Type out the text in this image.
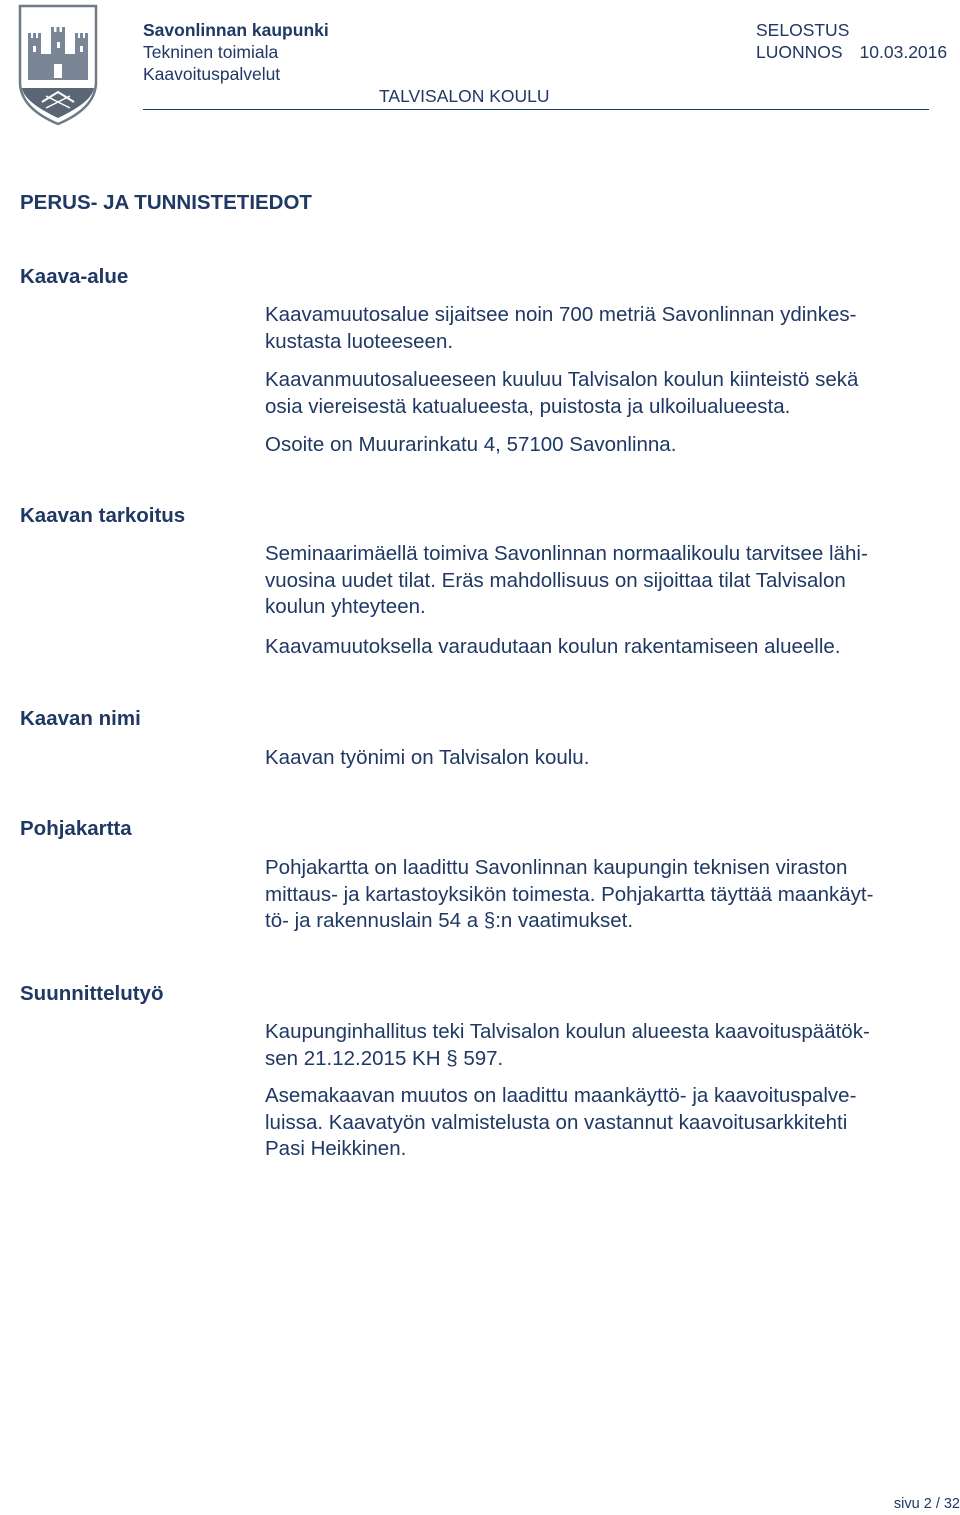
Savonlinnan kaupunki
Tekninen toimiala
Kaavoituspalvelut
SELOSTUS
LUONNOS 10.03.2016
TALVISALON KOULU
PERUS- JA TUNNISTETIEDOT
Kaava-alue

Kaavamuutosalue sijaitsee noin 700 metriä Savonlinnan ydinkes-

kustasta luoteeseen.

Kaavanmuutosalueeseen kuuluu Talvisalon koulun kiinteistö sekä

osia viereisestä katualueesta, puistosta ja ulkoilualueesta.

Osoite on Muurarinkatu 4, 57100 Savonlinna.

Kaavan tarkoitus

Seminaarimäellä toimiva Savonlinnan normaalikoulu tarvitsee lähi-

vuosina uudet tilat. Eräs mahdollisuus on sijoittaa tilat Talvisalon

koulun yhteyteen.

Kaavamuutoksella varaudutaan koulun rakentamiseen alueelle.

Kaavan nimi

Kaavan työnimi on Talvisalon koulu.

Pohjakartta

Pohjakartta on laadittu Savonlinnan kaupungin teknisen viraston

mittaus- ja kartastoyksikön toimesta. Pohjakartta täyttää maankäyt-

tö- ja rakennuslain 54 a §:n vaatimukset.

Suunnittelutyö

Kaupunginhallitus teki Talvisalon koulun alueesta kaavoituspäätök-

sen 21.12.2015 KH § 597.

Asemakaavan muutos on laadittu maankäyttö- ja kaavoituspalve-

luissa. Kaavatyön valmistelusta on vastannut kaavoitusarkkitehti

Pasi Heikkinen.

sivu 2 / 32
